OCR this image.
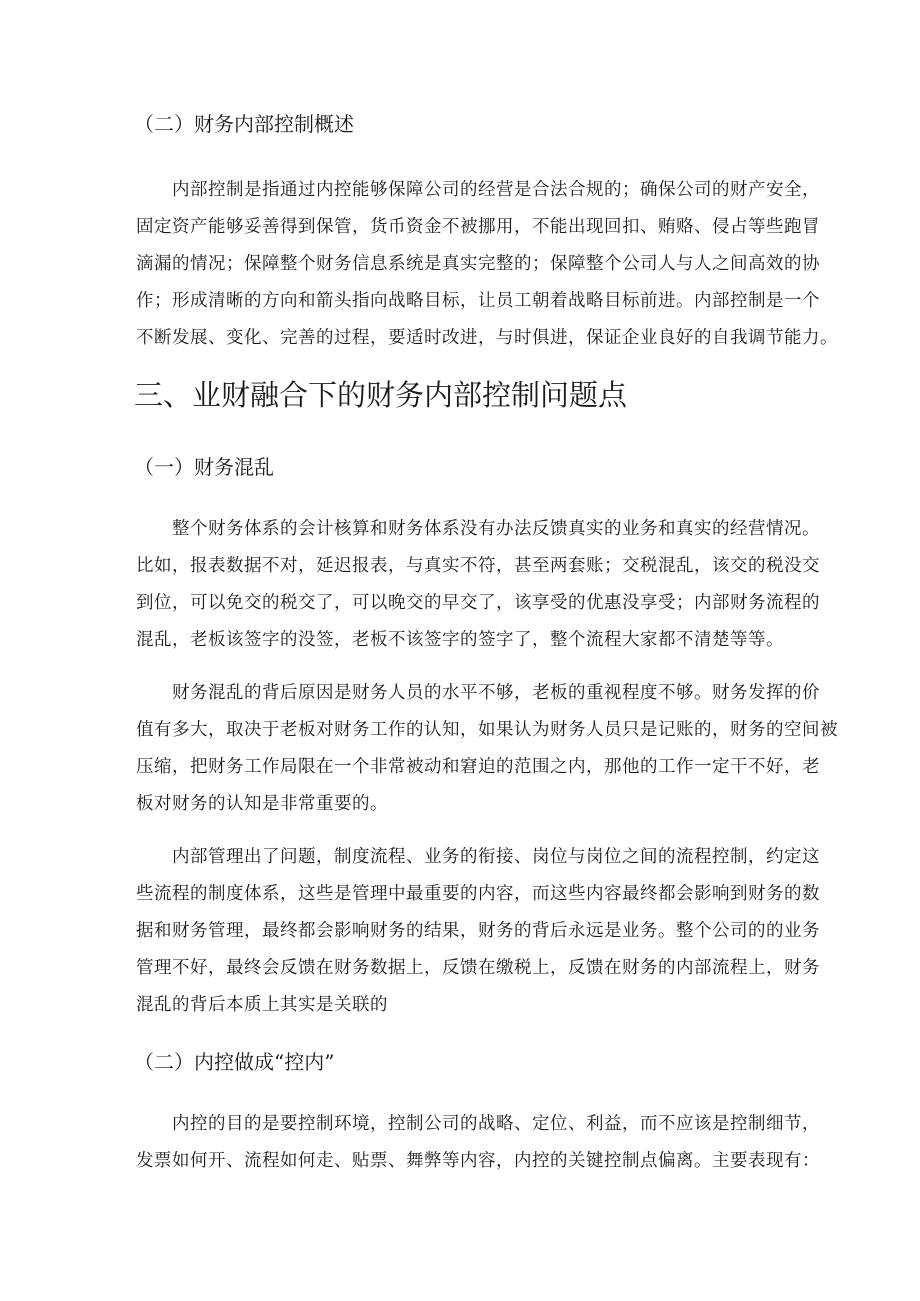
（二）财务内部控制概述

内部控制是指通过内控能够保障公司的经营是合法合规的；确保公司的财产安全，

固定资产能够妥善得到保管，货币资金不被挪用，不能出现回扣、贿赂、侵占等些跑冒

滴漏的情况；保障整个财务信息系统是真实完整的；保障整个公司人与人之间高效的协

作；形成清晰的方向和箭头指向战略目标，让员工朝着战略目标前进。内部控制是一个

不断发展、变化、完善的过程，要适时改进，与时俱进，保证企业良好的自我调节能力。

三、业财融合下的财务内部控制问题点
（一）财务混乱

整个财务体系的会计核算和财务体系没有办法反馈真实的业务和真实的经营情况。

比如，报表数据不对，延迟报表，与真实不符，甚至两套账；交税混乱，该交的税没交

到位，可以免交的税交了，可以晚交的早交了，该享受的优惠没享受；内部财务流程的

混乱，老板该签字的没签，老板不该签字的签字了，整个流程大家都不清楚等等。

财务混乱的背后原因是财务人员的水平不够，老板的重视程度不够。财务发挥的价

值有多大，取决于老板对财务工作的认知，如果认为财务人员只是记账的，财务的空间被

压缩，把财务工作局限在一个非常被动和窘迫的范围之内，那他的工作一定干不好，老

板对财务的认知是非常重要的。

内部管理出了问题，制度流程、业务的衔接、岗位与岗位之间的流程控制，约定这

些流程的制度体系，这些是管理中最重要的内容，而这些内容最终都会影响到财务的数

据和财务管理，最终都会影响财务的结果，财务的背后永远是业务。整个公司的的业务

管理不好，最终会反馈在财务数据上，反馈在缴税上，反馈在财务的内部流程上，财务

混乱的背后本质上其实是关联的

（二）内控做成“控内”

内控的目的是要控制环境，控制公司的战略、定位、利益，而不应该是控制细节，

发票如何开、流程如何走、贴票、舞弊等内容，内控的关键控制点偏离。主要表现有：
